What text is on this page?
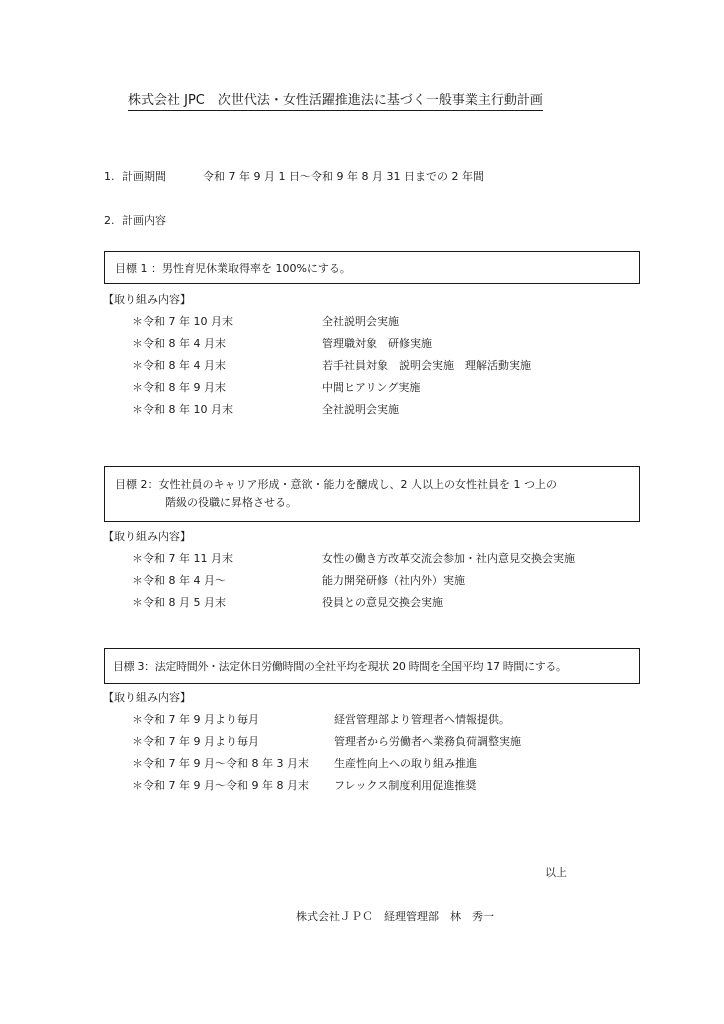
株式会社 JPC　次世代法・女性活躍推進法に基づく一般事業主行動計画
1. 計画期間	令和 7 年 9 月 1 日～令和 9 年 8 月 31 日までの 2 年間
2. 計画内容
目標 1 ：男性育児休業取得率を 100%にする。
【取り組み内容】
＊令和 7 年 10 月末	全社説明会実施
＊令和 8 年 4 月末	管理職対象　研修実施
＊令和 8 年 4 月末	若手社員対象　説明会実施　理解活動実施
＊令和 8 年 9 月末	中間ヒアリング実施
＊令和 8 年 10 月末	全社説明会実施
目標 2：女性社員のキャリア形成・意欲・能力を醸成し、2 人以上の女性社員を 1 つ上の
階級の役職に昇格させる。
【取り組み内容】
＊令和 7 年 11 月末	女性の働き方改革交流会参加・社内意見交換会実施
＊令和 8 年 4 月～	能力開発研修（社内外）実施
＊令和 8 月 5 月末	役員との意見交換会実施
目標 3：法定時間外・法定休日労働時間の全社平均を現状 20 時間を全国平均 17 時間にする。
【取り組み内容】
＊令和 7 年 9 月より毎月	経営管理部より管理者へ情報提供。
＊令和 7 年 9 月より毎月	管理者から労働者へ業務負荷調整実施
＊令和 7 年 9 月～令和 8 年 3 月末 生産性向上への取り組み推進
＊令和 7 年 9 月～令和 9 年 8 月末 フレックス制度利用促進推奨
以上
株式会社ＪＰＣ　経理管理部　林　秀一
